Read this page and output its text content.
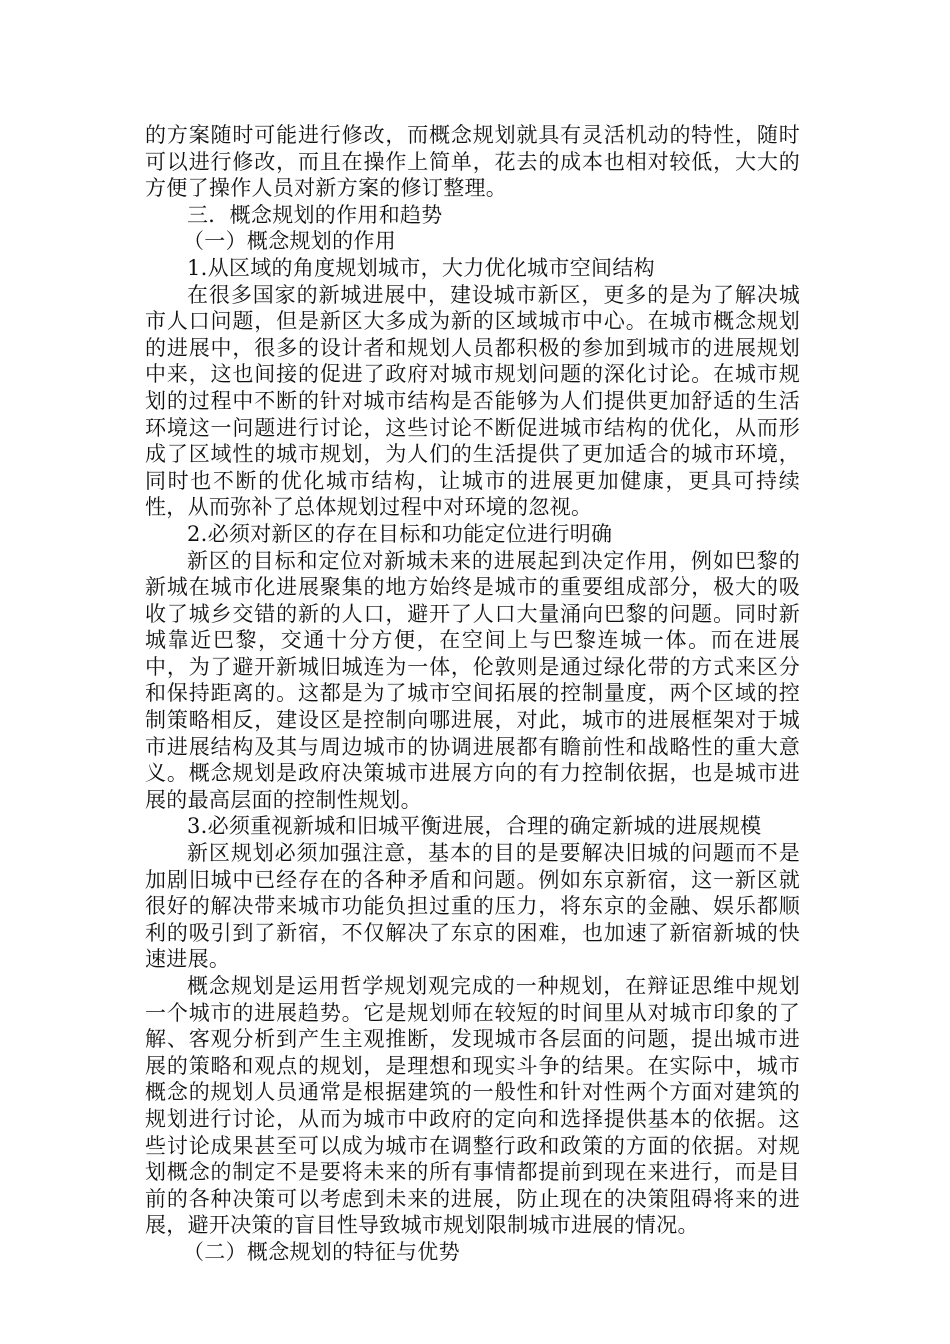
的方案随时可能进行修改，而概念规划就具有灵活机动的特性，随时可以进行修改，而且在操作上简单，花去的成本也相对较低，大大的方便了操作人员对新方案的修订整理。

三．概念规划的作用和趋势

（一）概念规划的作用

1.从区域的角度规划城市，大力优化城市空间结构

在很多国家的新城进展中，建设城市新区，更多的是为了解决城市人口问题，但是新区大多成为新的区域城市中心。在城市概念规划的进展中，很多的设计者和规划人员都积极的参加到城市的进展规划中来，这也间接的促进了政府对城市规划问题的深化讨论。在城市规划的过程中不断的针对城市结构是否能够为人们提供更加舒适的生活环境这一问题进行讨论，这些讨论不断促进城市结构的优化，从而形成了区域性的城市规划，为人们的生活提供了更加适合的城市环境，同时也不断的优化城市结构，让城市的进展更加健康，更具可持续性，从而弥补了总体规划过程中对环境的忽视。

2.必须对新区的存在目标和功能定位进行明确

新区的目标和定位对新城未来的进展起到决定作用，例如巴黎的新城在城市化进展聚集的地方始终是城市的重要组成部分，极大的吸收了城乡交错的新的人口，避开了人口大量涌向巴黎的问题。同时新城靠近巴黎，交通十分方便，在空间上与巴黎连城一体。而在进展中，为了避开新城旧城连为一体，伦敦则是通过绿化带的方式来区分和保持距离的。这都是为了城市空间拓展的控制量度，两个区域的控制策略相反，建设区是控制向哪进展，对此，城市的进展框架对于城市进展结构及其与周边城市的协调进展都有瞻前性和战略性的重大意义。概念规划是政府决策城市进展方向的有力控制依据，也是城市进展的最高层面的控制性规划。

3.必须重视新城和旧城平衡进展，合理的确定新城的进展规模

新区规划必须加强注意，基本的目的是要解决旧城的问题而不是加剧旧城中已经存在的各种矛盾和问题。例如东京新宿，这一新区就很好的解决带来城市功能负担过重的压力，将东京的金融、娱乐都顺利的吸引到了新宿，不仅解决了东京的困难，也加速了新宿新城的快速进展。

概念规划是运用哲学规划观完成的一种规划，在辩证思维中规划一个城市的进展趋势。它是规划师在较短的时间里从对城市印象的了解、客观分析到产生主观推断，发现城市各层面的问题，提出城市进展的策略和观点的规划，是理想和现实斗争的结果。在实际中，城市概念的规划人员通常是根据建筑的一般性和针对性两个方面对建筑的规划进行讨论，从而为城市中政府的定向和选择提供基本的依据。这些讨论成果甚至可以成为城市在调整行政和政策的方面的依据。对规划概念的制定不是要将未来的所有事情都提前到现在来进行，而是目前的各种决策可以考虑到未来的进展，防止现在的决策阻碍将来的进展，避开决策的盲目性导致城市规划限制城市进展的情况。

（二）概念规划的特征与优势
